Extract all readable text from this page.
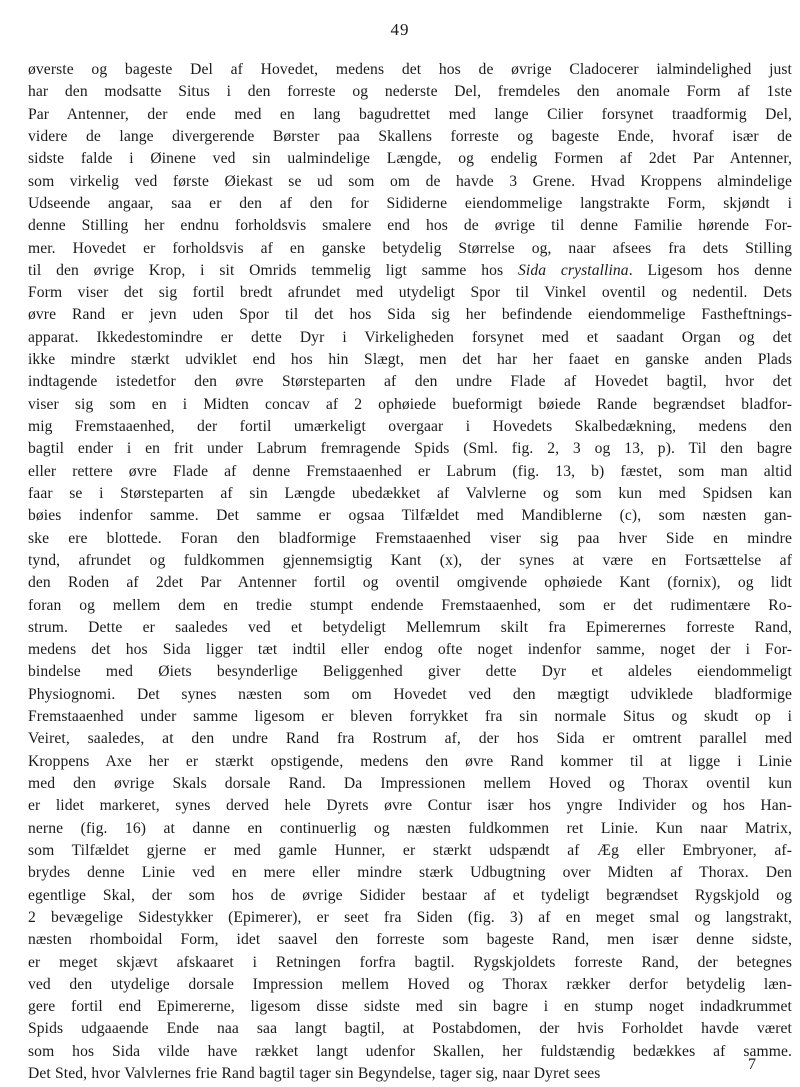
49
øverste og bageste Del af Hovedet, medens det hos de øvrige Cladocerer ialmindelighed just
har den modsatte Situs i den forreste og nederste Del, fremdeles den anomale Form af 1ste
Par Antenner, der ende med en lang bagudrettet med lange Cilier forsynet traadformig Del,
videre de lange divergerende Børster paa Skallens forreste og bageste Ende, hvoraf især de
sidste falde i Øinene ved sin ualmindelige Længde, og endelig Formen af 2det Par Antenner,
som virkelig ved første Øiekast se ud som om de havde 3 Grene. Hvad Kroppens almindelige
Udseende angaar, saa er den af den for Sididerne eiendommelige langstrakte Form, skjøndt i
denne Stilling her endnu forholdsvis smalere end hos de øvrige til denne Familie hørende For-
mer. Hovedet er forholdsvis af en ganske betydelig Størrelse og, naar afsees fra dets Stilling
til den øvrige Krop, i sit Omrids temmelig ligt samme hos Sida crystallina. Ligesom hos denne
Form viser det sig fortil bredt afrundet med utydeligt Spor til Vinkel oventil og nedentil. Dets
øvre Rand er jevn uden Spor til det hos Sida sig her befindende eiendommelige Fastheftnings-
apparat. Ikkedestomindre er dette Dyr i Virkeligheden forsynet med et saadant Organ og det
ikke mindre stærkt udviklet end hos hin Slægt, men det har her faaet en ganske anden Plads
indtagende istedetfor den øvre Størsteparten af den undre Flade af Hovedet bagtil, hvor det
viser sig som en i Midten concav af 2 ophøiede bueformigt bøiede Rande begrændset bladfor-
mig Fremstaaenhed, der fortil umærkeligt overgaar i Hovedets Skalbedækning, medens den
bagtil ender i en frit under Labrum fremragende Spids (Sml. fig. 2, 3 og 13, p). Til den bagre
eller rettere øvre Flade af denne Fremstaaenhed er Labrum (fig. 13, b) fæstet, som man altid
faar se i Størsteparten af sin Længde ubedækket af Valvlerne og som kun med Spidsen kan
bøies indenfor samme. Det samme er ogsaa Tilfældet med Mandiblerne (c), som næsten gan-
ske ere blottede. Foran den bladformige Fremstaaenhed viser sig paa hver Side en mindre
tynd, afrundet og fuldkommen gjennemsigtig Kant (x), der synes at være en Fortsættelse af
den Roden af 2det Par Antenner fortil og oventil omgivende ophøiede Kant (fornix), og lidt
foran og mellem dem en tredie stumpt endende Fremstaaenhed, som er det rudimentære Ro-
strum. Dette er saaledes ved et betydeligt Mellemrum skilt fra Epimerernes forreste Rand,
medens det hos Sida ligger tæt indtil eller endog ofte noget indenfor samme, noget der i For-
bindelse med Øiets besynderlige Beliggenhed giver dette Dyr et aldeles eiendommeligt
Physiognomi. Det synes næsten som om Hovedet ved den mægtigt udviklede bladformige
Fremstaaenhed under samme ligesom er bleven forrykket fra sin normale Situs og skudt op i
Veiret, saaledes, at den undre Rand fra Rostrum af, der hos Sida er omtrent parallel med
Kroppens Axe her er stærkt opstigende, medens den øvre Rand kommer til at ligge i Linie
med den øvrige Skals dorsale Rand. Da Impressionen mellem Hoved og Thorax oventil kun
er lidet markeret, synes derved hele Dyrets øvre Contur især hos yngre Individer og hos Han-
nerne (fig. 16) at danne en continuerlig og næsten fuldkommen ret Linie. Kun naar Matrix,
som Tilfældet gjerne er med gamle Hunner, er stærkt udspændt af Æg eller Embryoner, af-
brydes denne Linie ved en mere eller mindre stærk Udbugtning over Midten af Thorax. Den
egentlige Skal, der som hos de øvrige Sidider bestaar af et tydeligt begrændset Rygskjold og
2 bevægelige Sidestykker (Epimerer), er seet fra Siden (fig. 3) af en meget smal og langstrakt,
næsten rhomboidal Form, idet saavel den forreste som bageste Rand, men især denne sidste,
er meget skjævt afskaaret i Retningen forfra bagtil. Rygskjoldets forreste Rand, der betegnes
ved den utydelige dorsale Impression mellem Hoved og Thorax rækker derfor betydelig læn-
gere fortil end Epimererne, ligesom disse sidste med sin bagre i en stump noget indadkrummet
Spids udgaaende Ende naa saa langt bagtil, at Postabdomen, der hvis Forholdet havde været
som hos Sida vilde have rækket langt udenfor Skallen, her fuldstændig bedækkes af samme.
Det Sted, hvor Valvlernes frie Rand bagtil tager sin Begyndelse, tager sig, naar Dyret sees
7
